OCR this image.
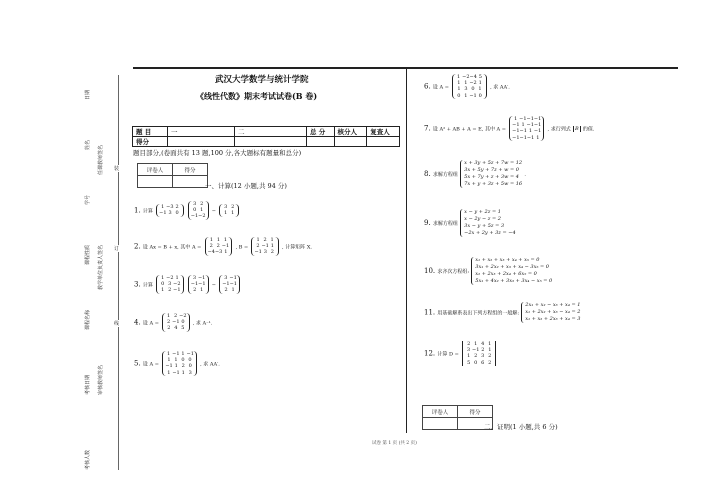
考核人数
考核日期
课程名称
课程性质
学号
姓名
日期
任课教师签名
教学单位负责人签名
审核教师签名
装
订
线
武汉大学数学与统计学院
《线性代数》期末考试试卷(B 卷)
题 目	一	二	总 分	核分人	复查人
得分					
题目部分,(卷面共有 13 题,100 分,各大题标有题量和总分)
评卷人	得分

一、计算(12 小题,共 94 分)
1. 计算
1 −3 2
−1 3 0

3 2
0 1
−1−2
−
3 2
1 1
2. 设 Ax = B + x, 其中 A =
1 1 1
2 2 −1
−4−3 1
, B =
1 2 1
2 −1 1
−1 3 2
, 计算矩阵 X.
3. 计算
1 −2 1
0 3 −2
1 2 −1

3 −1
−1−1
2 1
−
3 −1
−1−1
2 1
4. 设 A =
1 2 −2
2 −1 0
2 4 5
, 求 A⁻¹.
5. 设 A =
1 −1 1 −1
1 1 0 0
−1 1 2 0
1 −1 1 3
, 求 AA′.
6. 设 A =
1 −2−4 5
1 1 −2 1
1 3 0 1
0 1 −1 0
, 求 AA′.
7. 设 A² + AB + A = E, 其中 A =
1 −1−1−1
−1 1 −1−1
−1−1 1 −1
−1−1−1 1
, 求行列式 B 的值.
8. 求解方程组
x + 3y + 5z + 7w = 12
3x + 5y + 7z + w = 0
5x + 7y + z + 3w = 4
7x + y + 3z + 5w = 16
.
9. 求解方程组
x − y + 2z = 1
x − 2y − z = 2
3x − y + 5z = 3
−2x + 2y + 3z = −4
10. 求齐次方程组:
x₁ + x₂ + x₃ + x₄ + x₅ = 0
3x₁ + 2x₂ + x₃ + x₄ − 3x₅ = 0
x₂ + 2x₃ + 2x₄ + 6x₅ = 0
5x₁ + 4x₂ + 3x₃ + 3x₄ − x₅ = 0
11. 用基础解系表出下列方程组的一般解:
2x₁ + x₂ − x₃ + x₄ = 1
x₁ + 2x₂ + x₃ − x₄ = 2
x₁ + x₂ + 2x₃ + x₄ = 3
12. 计算 D =
2 1 4 1
3 −1 2 1
1 2 3 2
5 0 6 2
评卷人	得分

二、证明(1 小题,共 6 分)
试卷 第 1 页 (共 2 页)
